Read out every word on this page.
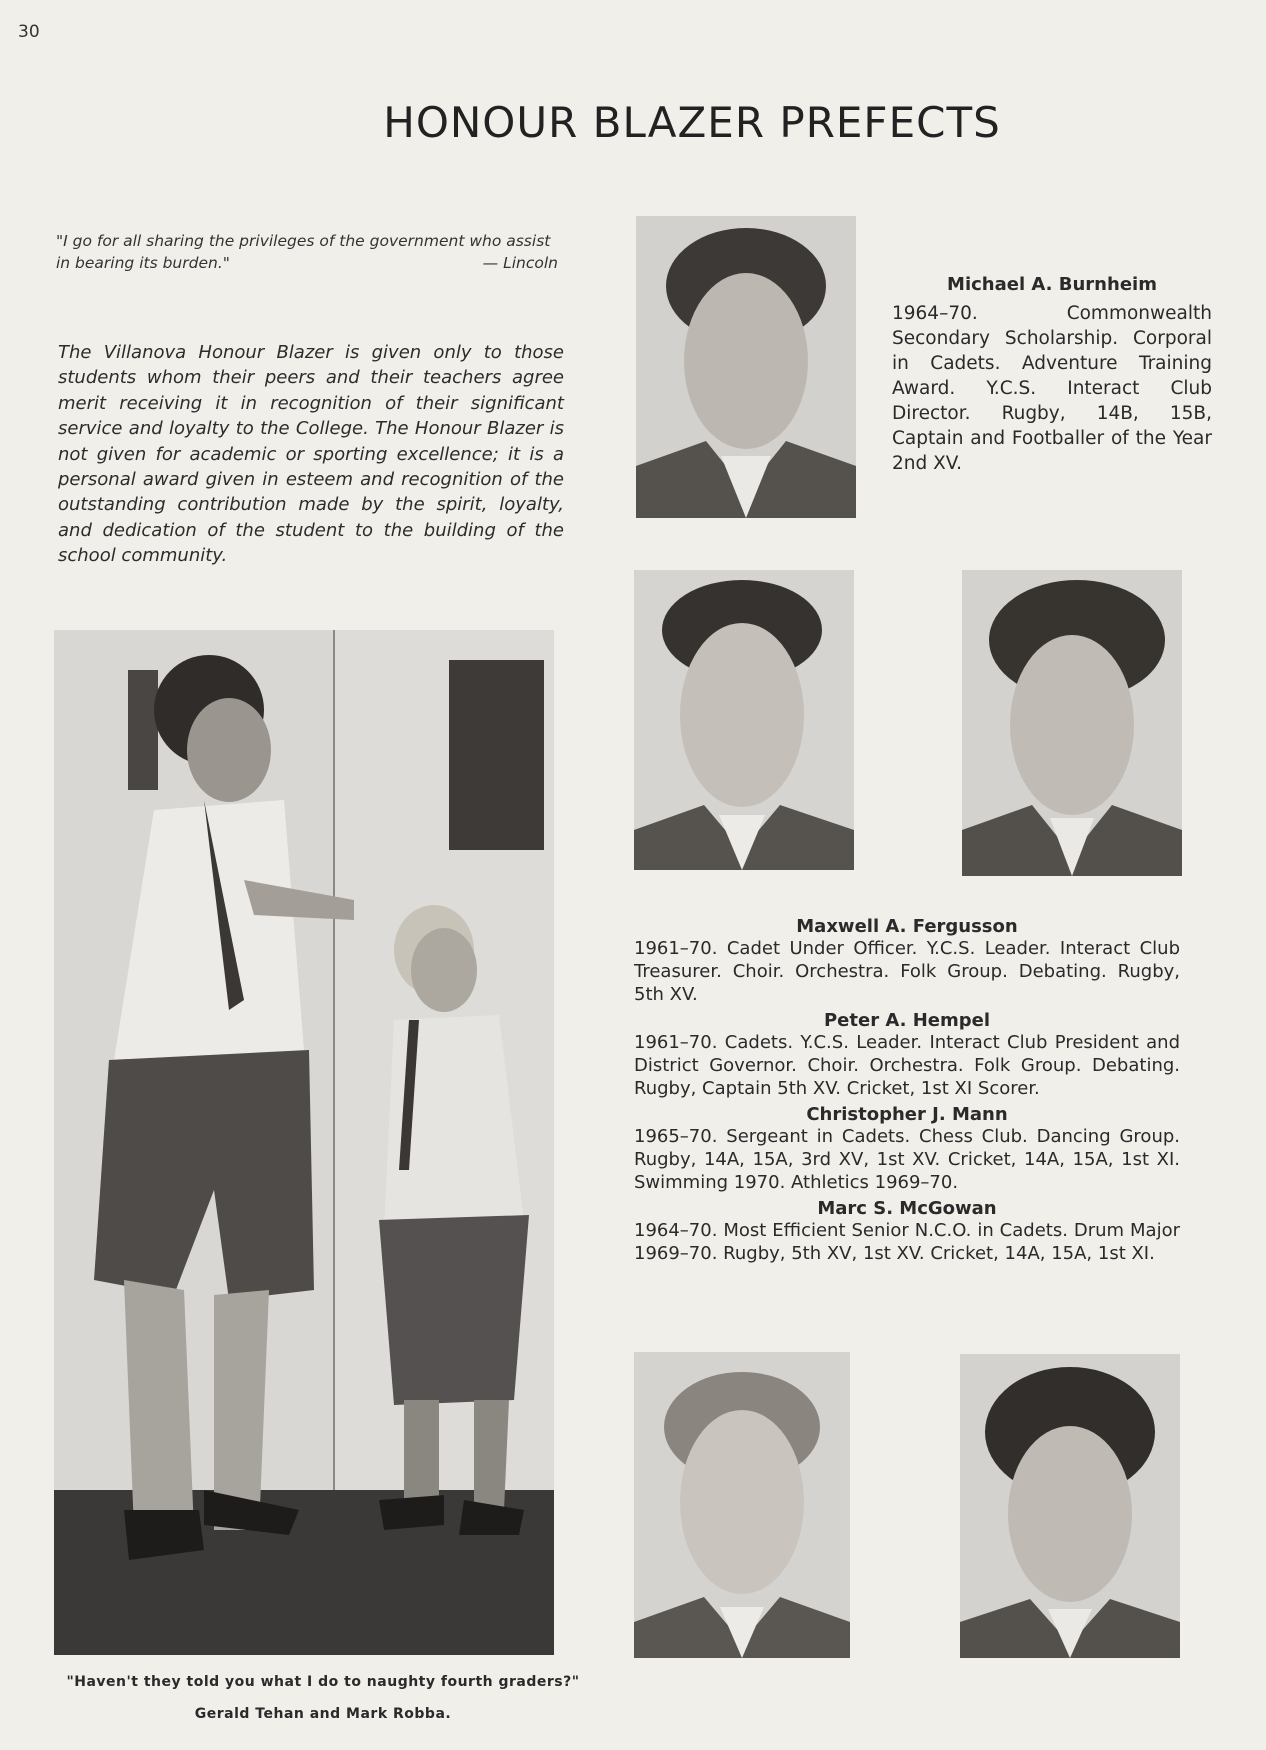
30
HONOUR BLAZER PREFECTS
"I go for all sharing the privileges of the government who assist in bearing its burden."	— Lincoln
The Villanova Honour Blazer is given only to those students whom their peers and their teachers agree merit receiving it in recognition of their significant service and loyalty to the College. The Honour Blazer is not given for academic or sporting excellence; it is a personal award given in esteem and recognition of the outstanding contribution made by the spirit, loyalty, and dedication of the student to the building of the school community.
"Haven't they told you what I do to naughty fourth graders?"
Gerald Tehan and Mark Robba.
Michael A. Burnheim
1964–70. Commonwealth Secondary Scholarship. Corporal in Cadets. Adventure Training Award. Y.C.S. Interact Club Director. Rugby, 14B, 15B, Captain and Footballer of the Year 2nd XV.
Maxwell A. Fergusson
1961–70. Cadet Under Officer. Y.C.S. Leader. Interact Club Treasurer. Choir. Orchestra. Folk Group. Debating. Rugby, 5th XV.
Peter A. Hempel
1961–70. Cadets. Y.C.S. Leader. Interact Club President and District Governor. Choir. Orchestra. Folk Group. Debating. Rugby, Captain 5th XV. Cricket, 1st XI Scorer.
Christopher J. Mann
1965–70. Sergeant in Cadets. Chess Club. Dancing Group. Rugby, 14A, 15A, 3rd XV, 1st XV. Cricket, 14A, 15A, 1st XI. Swimming 1970. Athletics 1969–70.
Marc S. McGowan
1964–70. Most Efficient Senior N.C.O. in Cadets. Drum Major 1969–70. Rugby, 5th XV, 1st XV. Cricket, 14A, 15A, 1st XI.
